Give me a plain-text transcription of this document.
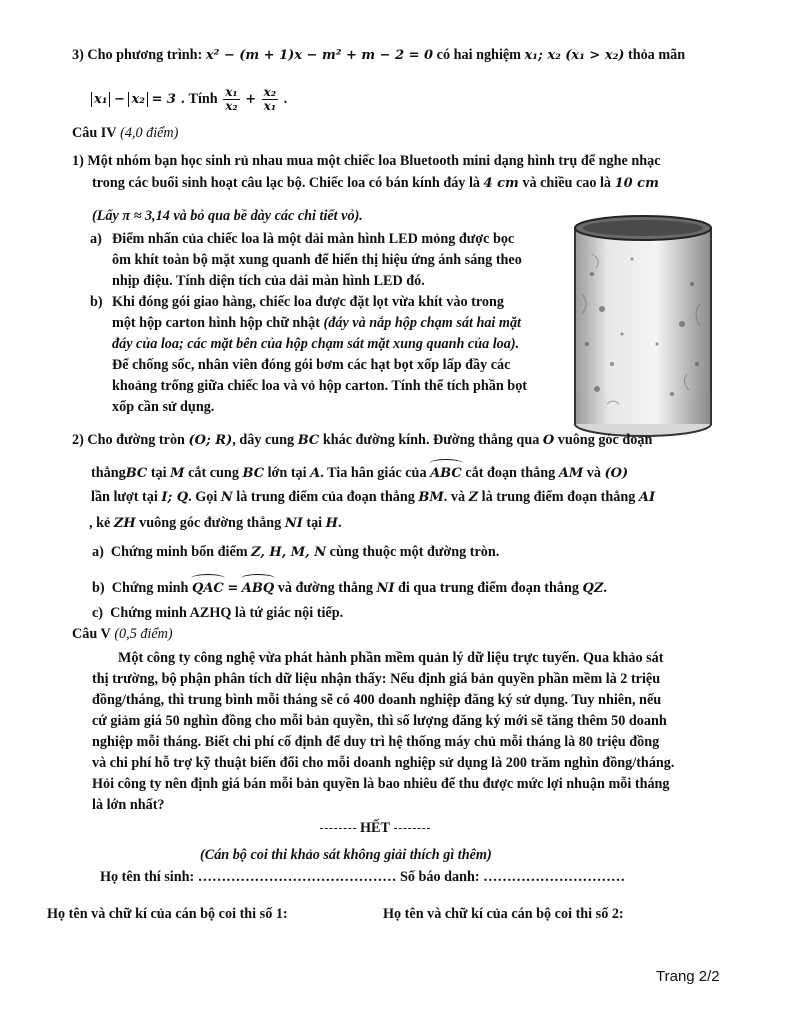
3) Cho phương trình: x² − (m + 1)x − m² + m − 2 = 0 có hai nghiệm x₁; x₂ (x₁ > x₂) thỏa mãn
x₁ − x₂ = 3 . Tính $\frac{\text{x₁}}{\text{x₂}} + \frac{\text{x₂}}{\text{x₁}}$ .
Câu IV (4,0 điểm)
1) Một nhóm bạn học sinh rủ nhau mua một chiếc loa Bluetooth mini dạng hình trụ để nghe nhạc
trong các buổi sinh hoạt câu lạc bộ. Chiếc loa có bán kính đáy là 4 cm và chiều cao là 10 cm
(Lấy π ≈ 3,14 và bỏ qua bề dày các chi tiết vỏ).
a) Điểm nhấn của chiếc loa là một dải màn hình LED mỏng được bọc
ôm khít toàn bộ mặt xung quanh để hiển thị hiệu ứng ánh sáng theo
nhịp điệu. Tính diện tích của dải màn hình LED đó.
b) Khi đóng gói giao hàng, chiếc loa được đặt lọt vừa khít vào trong
một hộp carton hình hộp chữ nhật (đáy và nắp hộp chạm sát hai mặt
đáy của loa; các mặt bên của hộp chạm sát mặt xung quanh của loa).
Để chống sốc, nhân viên đóng gói bơm các hạt bọt xốp lấp đầy các
khoảng trống giữa chiếc loa và vỏ hộp carton. Tính thể tích phần bọt
xốp cần sử dụng.
2) Cho đường tròn (O; R), dây cung BC khác đường kính. Đường thẳng qua O vuông góc đoạn
thẳngBC tại M cắt cung BC lớn tại A. Tia hân giác của ABC cắt đoạn thẳng AM và (O)
lần lượt tại I; Q. Gọi N là trung điểm của đoạn thẳng BM. và Z là trung điểm đoạn thẳng AI
, kẻ ZH vuông góc đường thẳng NI tại H.
a) Chứng minh bốn điểm Z, H, M, N cùng thuộc một đường tròn.
b) Chứng minh QAC = ABQ và đường thẳng NI đi qua trung điểm đoạn thẳng QZ.
c) Chứng minh AZHQ là tứ giác nội tiếp.
Câu V (0,5 điểm)
Một công ty công nghệ vừa phát hành phần mềm quản lý dữ liệu trực tuyến. Qua khảo sát
thị trường, bộ phận phân tích dữ liệu nhận thấy: Nếu định giá bản quyền phần mềm là 2 triệu
đồng/tháng, thì trung bình mỗi tháng sẽ có 400 doanh nghiệp đăng ký sử dụng. Tuy nhiên, nếu
cứ giảm giá 50 nghìn đồng cho mỗi bản quyền, thì số lượng đăng ký mới sẽ tăng thêm 50 doanh
nghiệp mỗi tháng. Biết chi phí cố định để duy trì hệ thống máy chủ mỗi tháng là 80 triệu đồng
và chi phí hỗ trợ kỹ thuật biến đổi cho mỗi doanh nghiệp sử dụng là 200 trăm nghìn đồng/tháng.
Hỏi công ty nên định giá bán mỗi bản quyền là bao nhiêu để thu được mức lợi nhuận mỗi tháng
là lớn nhất?
HẾT
(Cán bộ coi thi khảo sát không giải thích gì thêm)
Họ tên thí sinh: …………………………………… Số báo danh: …………………………
Họ tên và chữ kí của cán bộ coi thi số 1:	Họ tên và chữ kí của cán bộ coi thi số 2:
Trang 2/2
